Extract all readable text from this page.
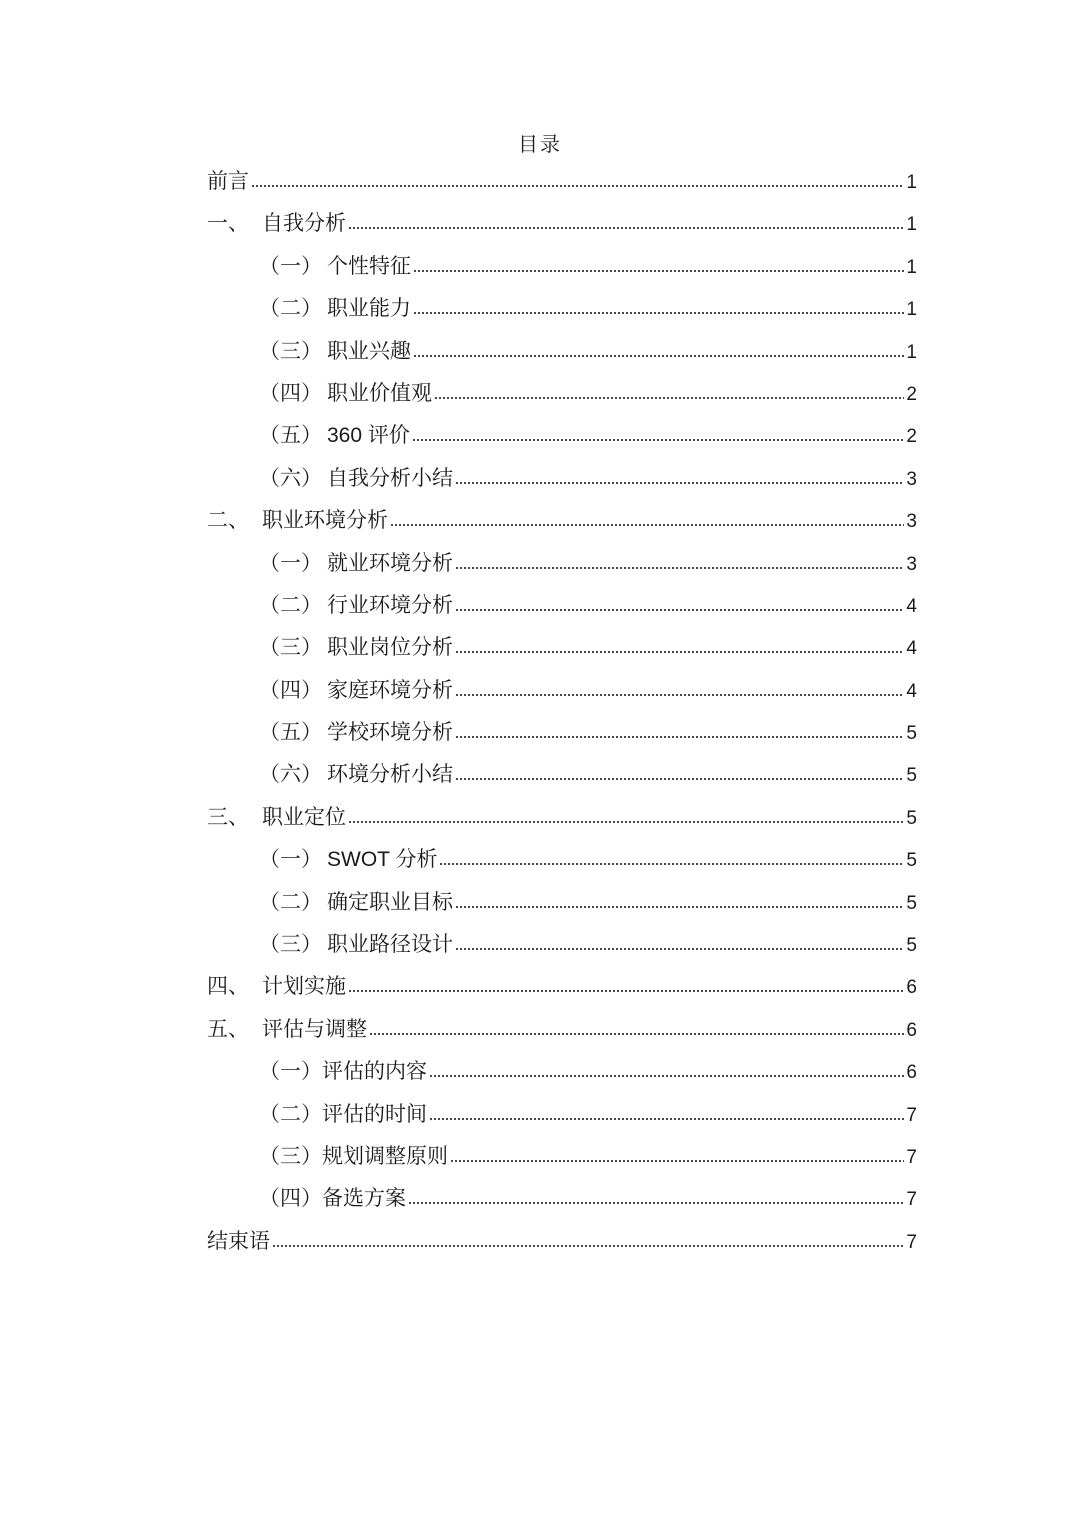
目录
前言	1
一、 自我分析	1
（一） 个性特征	1
（二） 职业能力	1
（三） 职业兴趣	1
（四） 职业价值观	2
（五） 360 评价	2
（六） 自我分析小结	3
二、 职业环境分析	3
（一） 就业环境分析	3
（二） 行业环境分析	4
（三） 职业岗位分析	4
（四） 家庭环境分析	4
（五） 学校环境分析	5
（六） 环境分析小结	5
三、 职业定位	5
（一） SWOT 分析	5
（二） 确定职业目标	5
（三） 职业路径设计	5
四、 计划实施	6
五、 评估与调整	6
（一） 评估的内容	6
（二） 评估的时间	7
（三） 规划调整原则	7
（四） 备选方案	7
结束语	7
